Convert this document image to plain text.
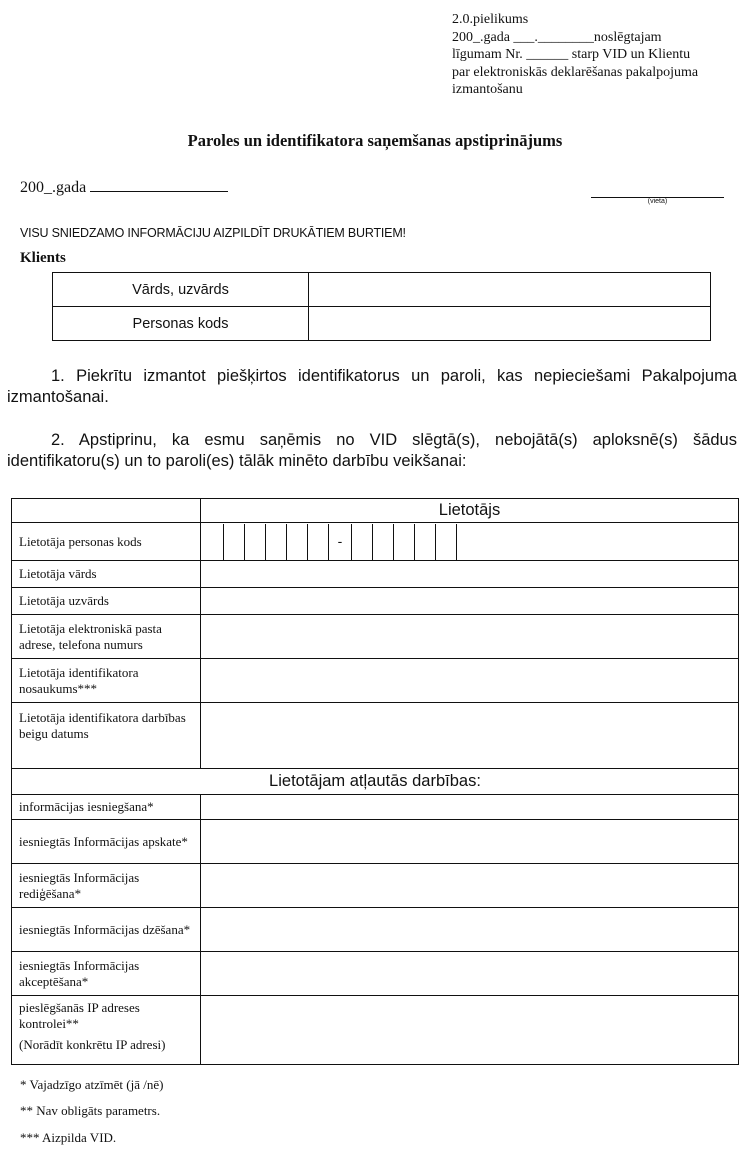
2.0.pielikums
200_.gada ___.________noslēgtajam
līgumam Nr. ______ starp VID un Klientu
par elektroniskās deklarēšanas pakalpojuma
izmantošanu
Paroles un identifikatora saņemšanas apstiprinājums
200_.gada
(vieta)
VISU SNIEDZAMO INFORMĀCIJU AIZPILDĪT DRUKĀTIEM BURTIEM!
Klients
Vārds, uzvārds	
Personas kods	
1. Piekrītu izmantot piešķirtos identifikatorus un paroli, kas nepieciešami Pakalpojuma izmantošanai.
2. Apstiprinu, ka esmu saņēmis no VID slēgtā(s), nebojātā(s) aploksnē(s) šādus identifikatoru(s) un to paroli(es) tālāk minēto darbību veikšanai:
	Lietotājs
Lietotāja personas kods	-

Lietotāja vārds	
Lietotāja uzvārds	
Lietotāja elektroniskā pasta adrese, telefona numurs	
Lietotāja identifikatora nosaukums***	
Lietotāja identifikatora darbības beigu datums	
Lietotājam atļautās darbības:	
informācijas iesniegšana*	
iesniegtās Informācijas apskate*	
iesniegtās Informācijas rediģēšana*	
iesniegtās Informācijas dzēšana*	
iesniegtās Informācijas akceptēšana*	

pieslēgšanās IP adreses kontrolei**
(Norādīt konkrētu IP adresi)	

* Vajadzīgo atzīmēt (jā /nē)
** Nav obligāts parametrs.
*** Aizpilda VID.
